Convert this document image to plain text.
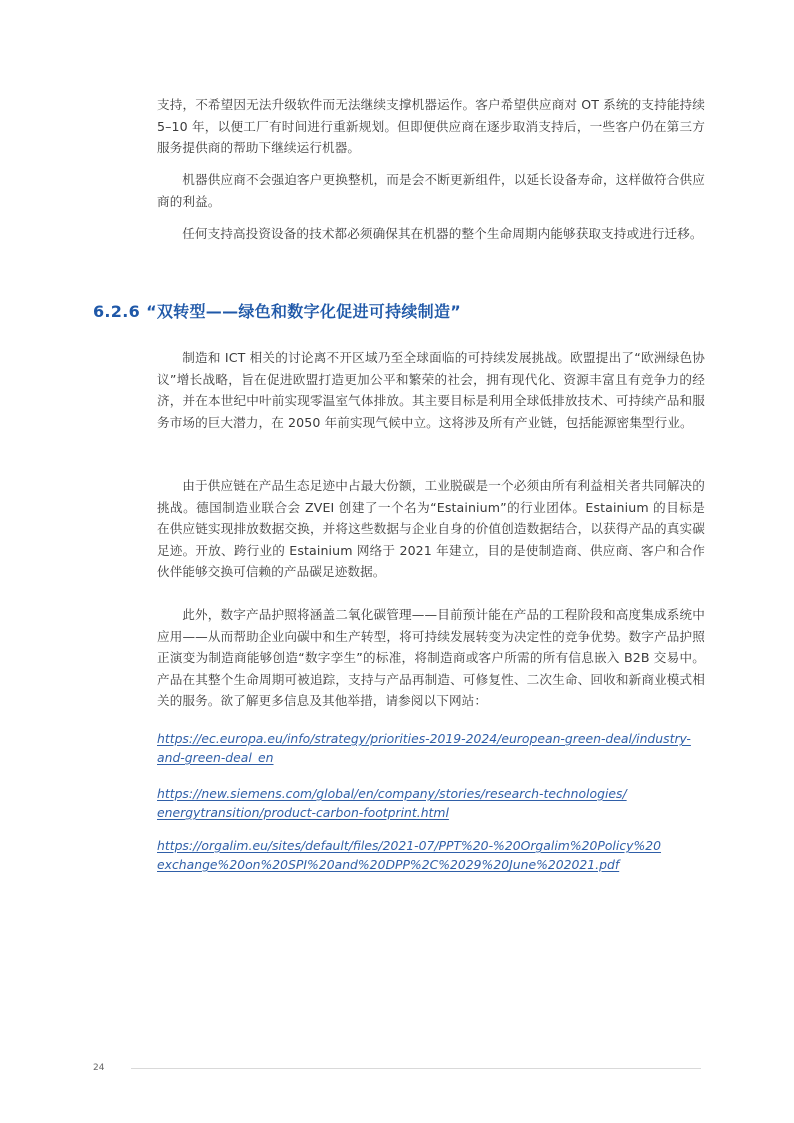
支持，不希望因无法升级软件而无法继续支撑机器运作。客户希望供应商对 OT 系统的支持能持续 5–10 年，以便工厂有时间进行重新规划。但即便供应商在逐步取消支持后，一些客户仍在第三方服务提供商的帮助下继续运行机器。

机器供应商不会强迫客户更换整机，而是会不断更新组件，以延长设备寿命，这样做符合供应商的利益。

任何支持高投资设备的技术都必须确保其在机器的整个生命周期内能够获取支持或进行迁移。

6.2.6 “双转型——绿色和数字化促进可持续制造”

制造和 ICT 相关的讨论离不开区域乃至全球面临的可持续发展挑战。欧盟提出了“欧洲绿色协议”增长战略，旨在促进欧盟打造更加公平和繁荣的社会，拥有现代化、资源丰富且有竞争力的经济，并在本世纪中叶前实现零温室气体排放。其主要目标是利用全球低排放技术、可持续产品和服务市场的巨大潜力，在 2050 年前实现气候中立。这将涉及所有产业链，包括能源密集型行业。

由于供应链在产品生态足迹中占最大份额，工业脱碳是一个必须由所有利益相关者共同解决的挑战。德国制造业联合会 ZVEI 创建了一个名为“Estainium”的行业团体。Estainium 的目标是在供应链实现排放数据交换，并将这些数据与企业自身的价值创造数据结合，以获得产品的真实碳足迹。开放、跨行业的 Estainium 网络于 2021 年建立，目的是使制造商、供应商、客户和合作伙伴能够交换可信赖的产品碳足迹数据。

此外，数字产品护照将涵盖二氧化碳管理——目前预计能在产品的工程阶段和高度集成系统中应用——从而帮助企业向碳中和生产转型，将可持续发展转变为决定性的竞争优势。数字产品护照正演变为制造商能够创造“数字孪生”的标准，将制造商或客户所需的所有信息嵌入 B2B 交易中。产品在其整个生命周期可被追踪，支持与产品再制造、可修复性、二次生命、回收和新商业模式相关的服务。欲了解更多信息及其他举措，请参阅以下网站：

https://ec.europa.eu/info/strategy/priorities-2019-2024/european-green-deal/industry-
and-green-deal_en
https://new.siemens.com/global/en/company/stories/research-technologies/
energytransition/product-carbon-footprint.html
https://orgalim.eu/sites/default/files/2021-07/PPT%20-%20Orgalim%20Policy%20
exchange%20on%20SPI%20and%20DPP%2C%2029%20June%202021.pdf
24
